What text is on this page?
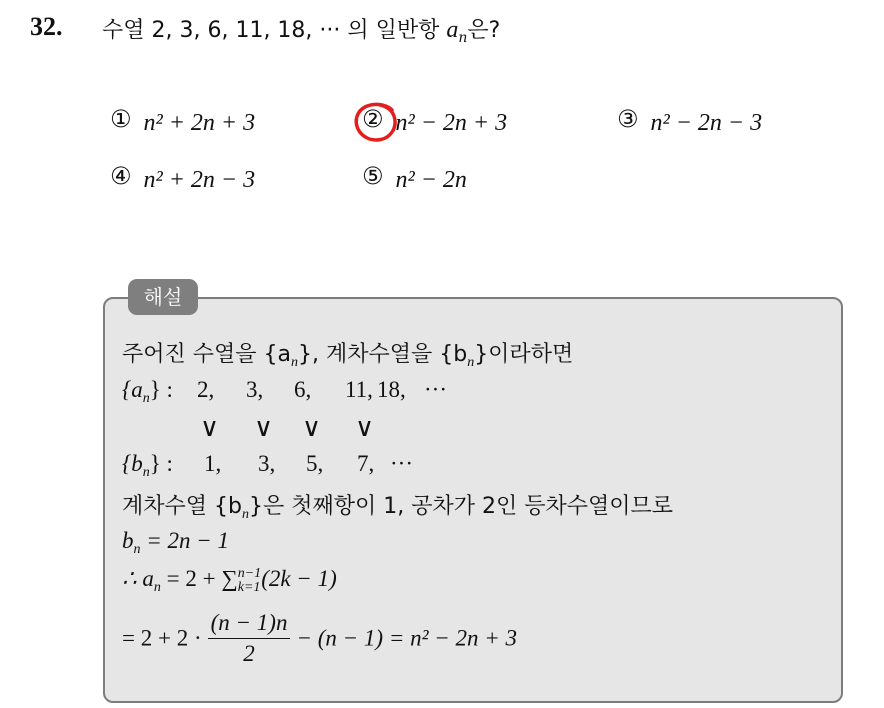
32. 수열 2, 3, 6, 11, 18, ··· 의 일반항 $a_n$은?
① n² + 2n + 3	② n² − 2n + 3	③ n² − 2n − 3
④ n² + 2n − 3	⑤ n² − 2n
해설
주어진 수열을 $\{a_n\}$, 계차수열을 $\{b_n\}$이라하면
$\{a_n\}$ : 2, 3, 6, 11, 18, ···
∨ ∨ ∨ ∨
$\{b_n\}$ : 1, 3, 5, 7, ···
계차수열 $\{b_n\}$은 첫째항이 1, 공차가 2인 등차수열이므로
$b_n = 2n - 1$
∴ $a_n = 2$ + ∑ n−1
k=1 (2k − 1)
= $2 + 2 \cdot \frac{(n - 1)n}{2} - (n - 1) = n^2 - 2n + 3$
